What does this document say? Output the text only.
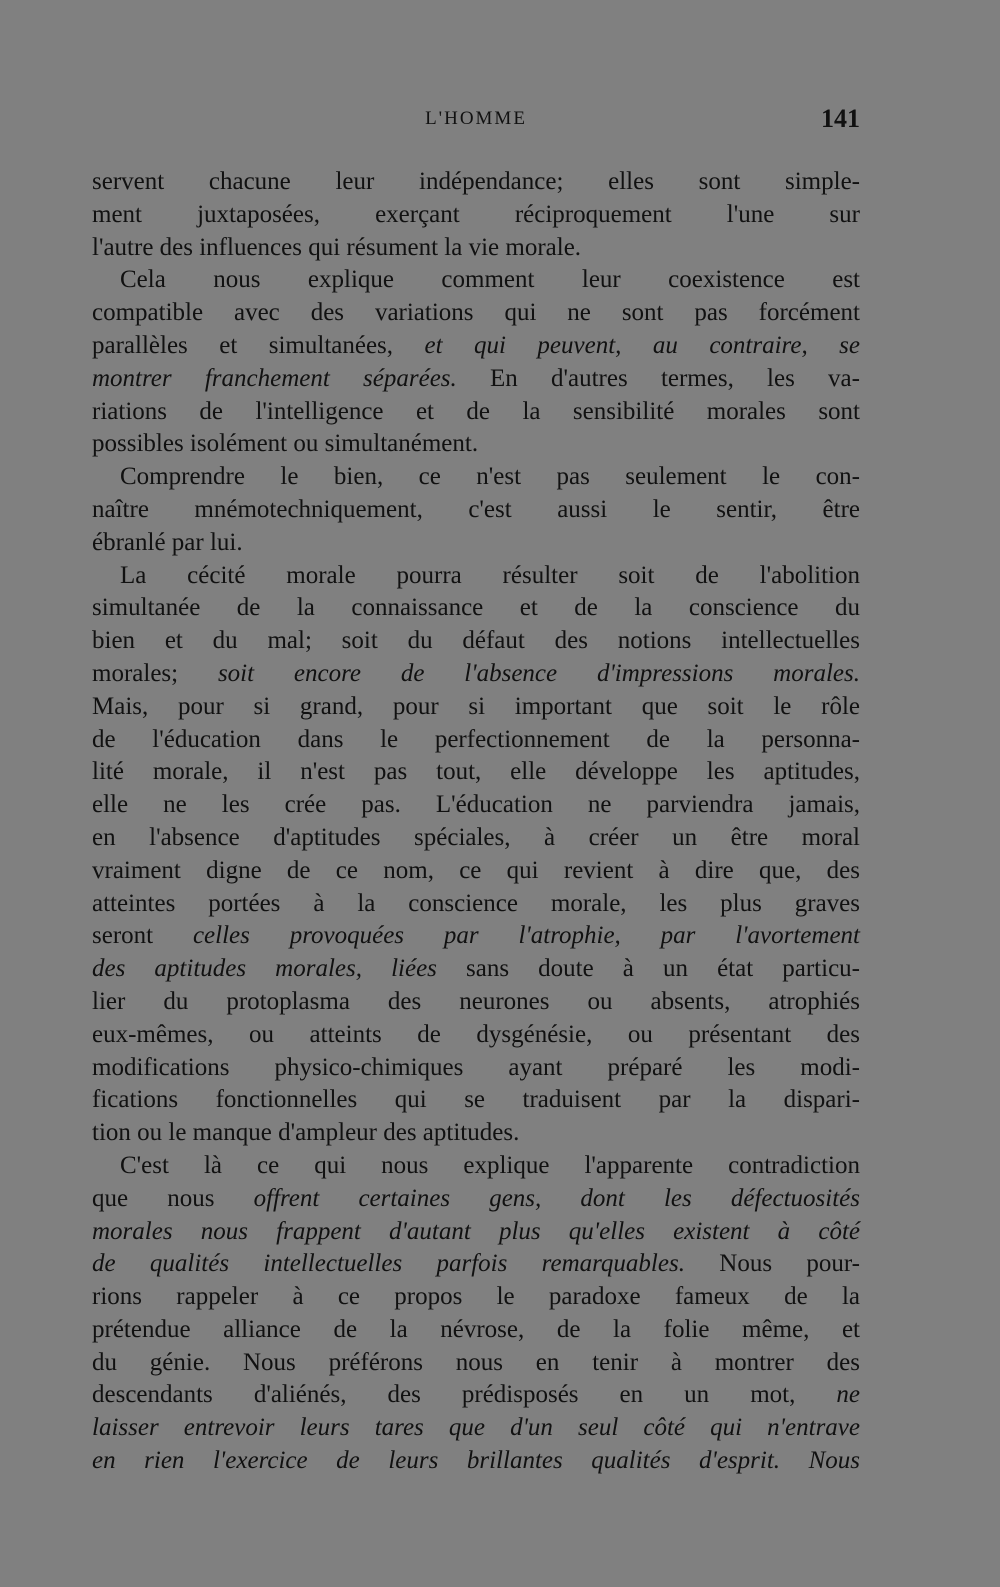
L'HOMME	141
servent chacune leur indépendance; elles sont simple-
ment juxtaposées, exerçant réciproquement l'une sur
l'autre des influences qui résument la vie morale.
Cela nous explique comment leur coexistence est
compatible avec des variations qui ne sont pas forcément
parallèles et simultanées, et qui peuvent, au contraire, se
montrer franchement séparées. En d'autres termes, les va-
riations de l'intelligence et de la sensibilité morales sont
possibles isolément ou simultanément.
Comprendre le bien, ce n'est pas seulement le con-
naître mnémotechniquement, c'est aussi le sentir, être
ébranlé par lui.
La cécité morale pourra résulter soit de l'abolition
simultanée de la connaissance et de la conscience du
bien et du mal; soit du défaut des notions intellectuelles
morales; soit encore de l'absence d'impressions morales.
Mais, pour si grand, pour si important que soit le rôle
de l'éducation dans le perfectionnement de la personna-
lité morale, il n'est pas tout, elle développe les aptitudes,
elle ne les crée pas. L'éducation ne parviendra jamais,
en l'absence d'aptitudes spéciales, à créer un être moral
vraiment digne de ce nom, ce qui revient à dire que, des
atteintes portées à la conscience morale, les plus graves
seront celles provoquées par l'atrophie, par l'avortement
des aptitudes morales, liées sans doute à un état particu-
lier du protoplasma des neurones ou absents, atrophiés
eux-mêmes, ou atteints de dysgénésie, ou présentant des
modifications physico-chimiques ayant préparé les modi-
fications fonctionnelles qui se traduisent par la dispari-
tion ou le manque d'ampleur des aptitudes.
C'est là ce qui nous explique l'apparente contradiction
que nous offrent certaines gens, dont les défectuosités
morales nous frappent d'autant plus qu'elles existent à côté
de qualités intellectuelles parfois remarquables. Nous pour-
rions rappeler à ce propos le paradoxe fameux de la
prétendue alliance de la névrose, de la folie même, et
du génie. Nous préférons nous en tenir à montrer des
descendants d'aliénés, des prédisposés en un mot, ne
laisser entrevoir leurs tares que d'un seul côté qui n'entrave
en rien l'exercice de leurs brillantes qualités d'esprit. Nous
